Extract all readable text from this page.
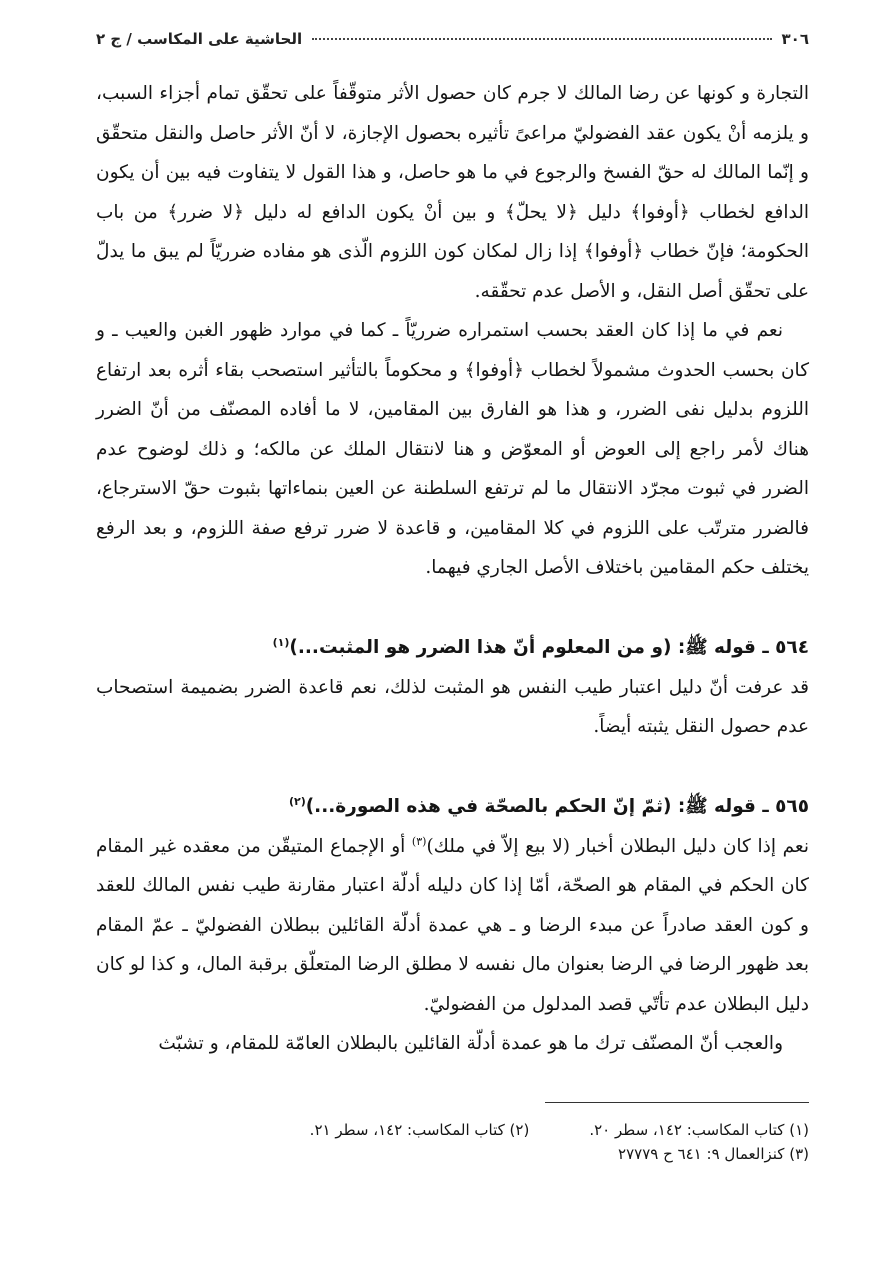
٣٠٦
الحاشية على المكاسب / ج ٢

التجارة و كونها عن رضا المالك لا جرم كان حصول الأثر متوقّفاً على تحقّق تمام أجزاء السبب، و يلزمه أنْ يكون عقد الفضوليّ مراعىً تأثيره بحصول الإجازة، لا أنّ الأثر حاصل والنقل متحقّق و إنّما المالك له حقّ الفسخ والرجوع في ما هو حاصل، و هذا القول لا يتفاوت فيه بين أن يكون الدافع لخطاب ﴿أوفوا﴾ دليل ﴿لا يحلّ﴾ و بين أنْ يكون الدافع له دليل ﴿لا ضرر﴾ من باب الحكومة؛ فإنّ خطاب ﴿أوفوا﴾ إذا زال لمكان كون اللزوم الّذى هو مفاده ضرريّاً لم يبق ما يدلّ على تحقّق أصل النقل، و الأصل عدم تحقّقه.

نعم في ما إذا كان العقد بحسب استمراره ضرريّاً ـ كما في موارد ظهور الغبن والعيب ـ و كان بحسب الحدوث مشمولاً لخطاب ﴿أوفوا﴾ و محكوماً بالتأثير استصحب بقاء أثره بعد ارتفاع اللزوم بدليل نفى الضرر، و هذا هو الفارق بين المقامين، لا ما أفاده المصنّف من أنّ الضرر هناك لأمر راجع إلى العوض أو المعوّض و هنا لانتقال الملك عن مالكه؛ و ذلك لوضوح عدم الضرر في ثبوت مجرّد الانتقال ما لم ترتفع السلطنة عن العين بنماءاتها بثبوت حقّ الاسترجاع، فالضرر مترتّب على اللزوم في كلا المقامين، و قاعدة لا ضرر ترفع صفة اللزوم، و بعد الرفع يختلف حكم المقامين باختلاف الأصل الجاري فيهما.

٥٦٤ ـ قوله ﷺ: (و من المعلوم أنّ هذا الضرر هو المثبت...)$^{(١)}$

قد عرفت أنّ دليل اعتبار طيب النفس هو المثبت لذلك، نعم قاعدة الضرر بضميمة استصحاب عدم حصول النقل يثبته أيضاً.

٥٦٥ ـ قوله ﷺ: (ثمّ إنّ الحكم بالصحّة في هذه الصورة...)$^{(٢)}$

نعم إذا كان دليل البطلان أخبار (لا بيع إلاّ في ملك)$^{(٣)}$ أو الإجماع المتيقّن من معقده غير المقام كان الحكم في المقام هو الصحّة، أمّا إذا كان دليله أدلّة اعتبار مقارنة طيب نفس المالك للعقد و كون العقد صادراً عن مبدء الرضا و ـ هي عمدة أدلّة القائلين ببطلان الفضوليّ ـ عمّ المقام بعد ظهور الرضا في الرضا بعنوان مال نفسه لا مطلق الرضا المتعلّق برقبة المال، و كذا لو كان دليل البطلان عدم تأتّي قصد المدلول من الفضوليّ.

والعجب أنّ المصنّف ترك ما هو عمدة أدلّة القائلين بالبطلان العامّة للمقام، و تشبّث

(١) كتاب المكاسب: ١٤٢، سطر ٢٠.
(٢) كتاب المكاسب: ١٤٢، سطر ٢١.
(٣) كنزالعمال ٩: ٦٤١ ح ٢٧٧٧٩
